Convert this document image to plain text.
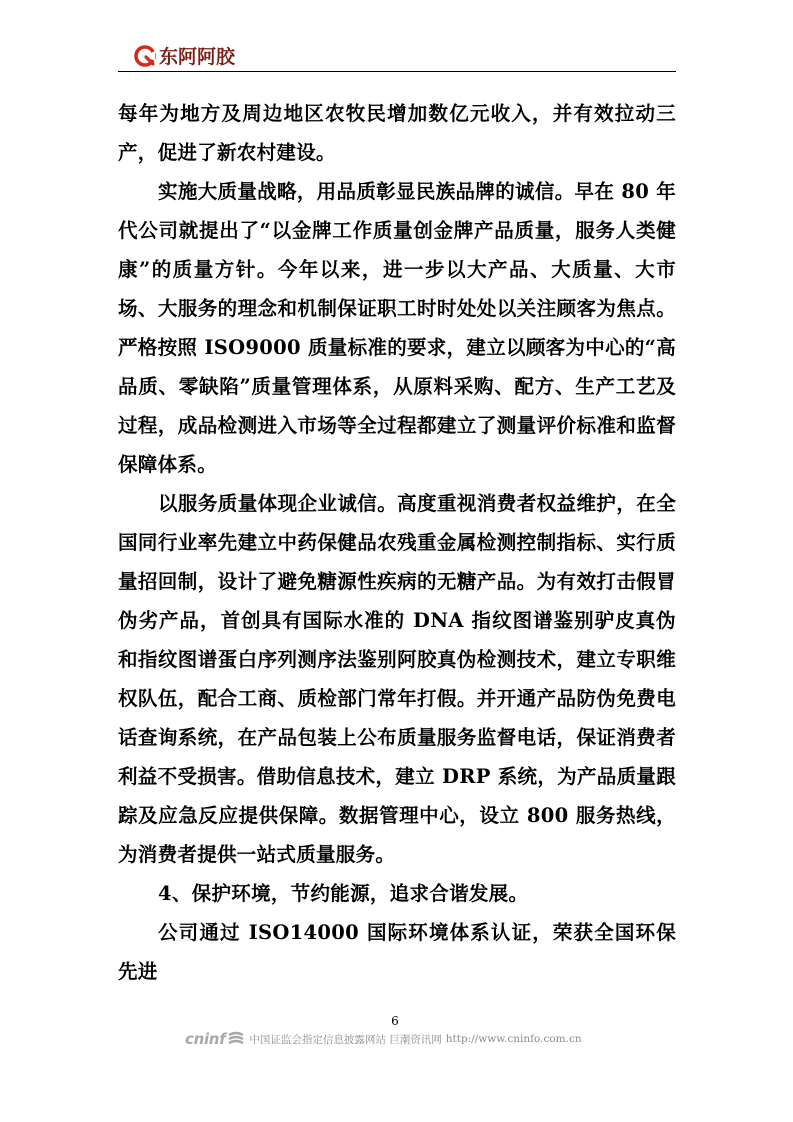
东阿阿胶

每年为地方及周边地区农牧民增加数亿元收入，并有效拉动三产，促进了新农村建设。

实施大质量战略，用品质彰显民族品牌的诚信。早在 80 年代公司就提出了“以金牌工作质量创金牌产品质量，服务人类健康”的质量方针。今年以来，进一步以大产品、大质量、大市场、大服务的理念和机制保证职工时时处处以关注顾客为焦点。严格按照 ISO9000 质量标准的要求，建立以顾客为中心的“高品质、零缺陷”质量管理体系，从原料采购、配方、生产工艺及过程，成品检测进入市场等全过程都建立了测量评价标准和监督保障体系。

以服务质量体现企业诚信。高度重视消费者权益维护，在全国同行业率先建立中药保健品农残重金属检测控制指标、实行质量招回制，设计了避免糖源性疾病的无糖产品。为有效打击假冒伪劣产品，首创具有国际水准的 DNA 指纹图谱鉴别驴皮真伪和指纹图谱蛋白序列测序法鉴别阿胶真伪检测技术，建立专职维权队伍，配合工商、质检部门常年打假。并开通产品防伪免费电话查询系统，在产品包装上公布质量服务监督电话，保证消费者利益不受损害。借助信息技术，建立 DRP 系统，为产品质量跟踪及应急反应提供保障。数据管理中心，设立 800 服务热线，为消费者提供一站式质量服务。

4、保护环境，节约能源，追求合谐发展。

公司通过 ISO14000 国际环境体系认证，荣获全国环保先进

6
cninf 中国证监会指定信息披露网站 巨潮资讯网 http://www.cninfo.com.cn
